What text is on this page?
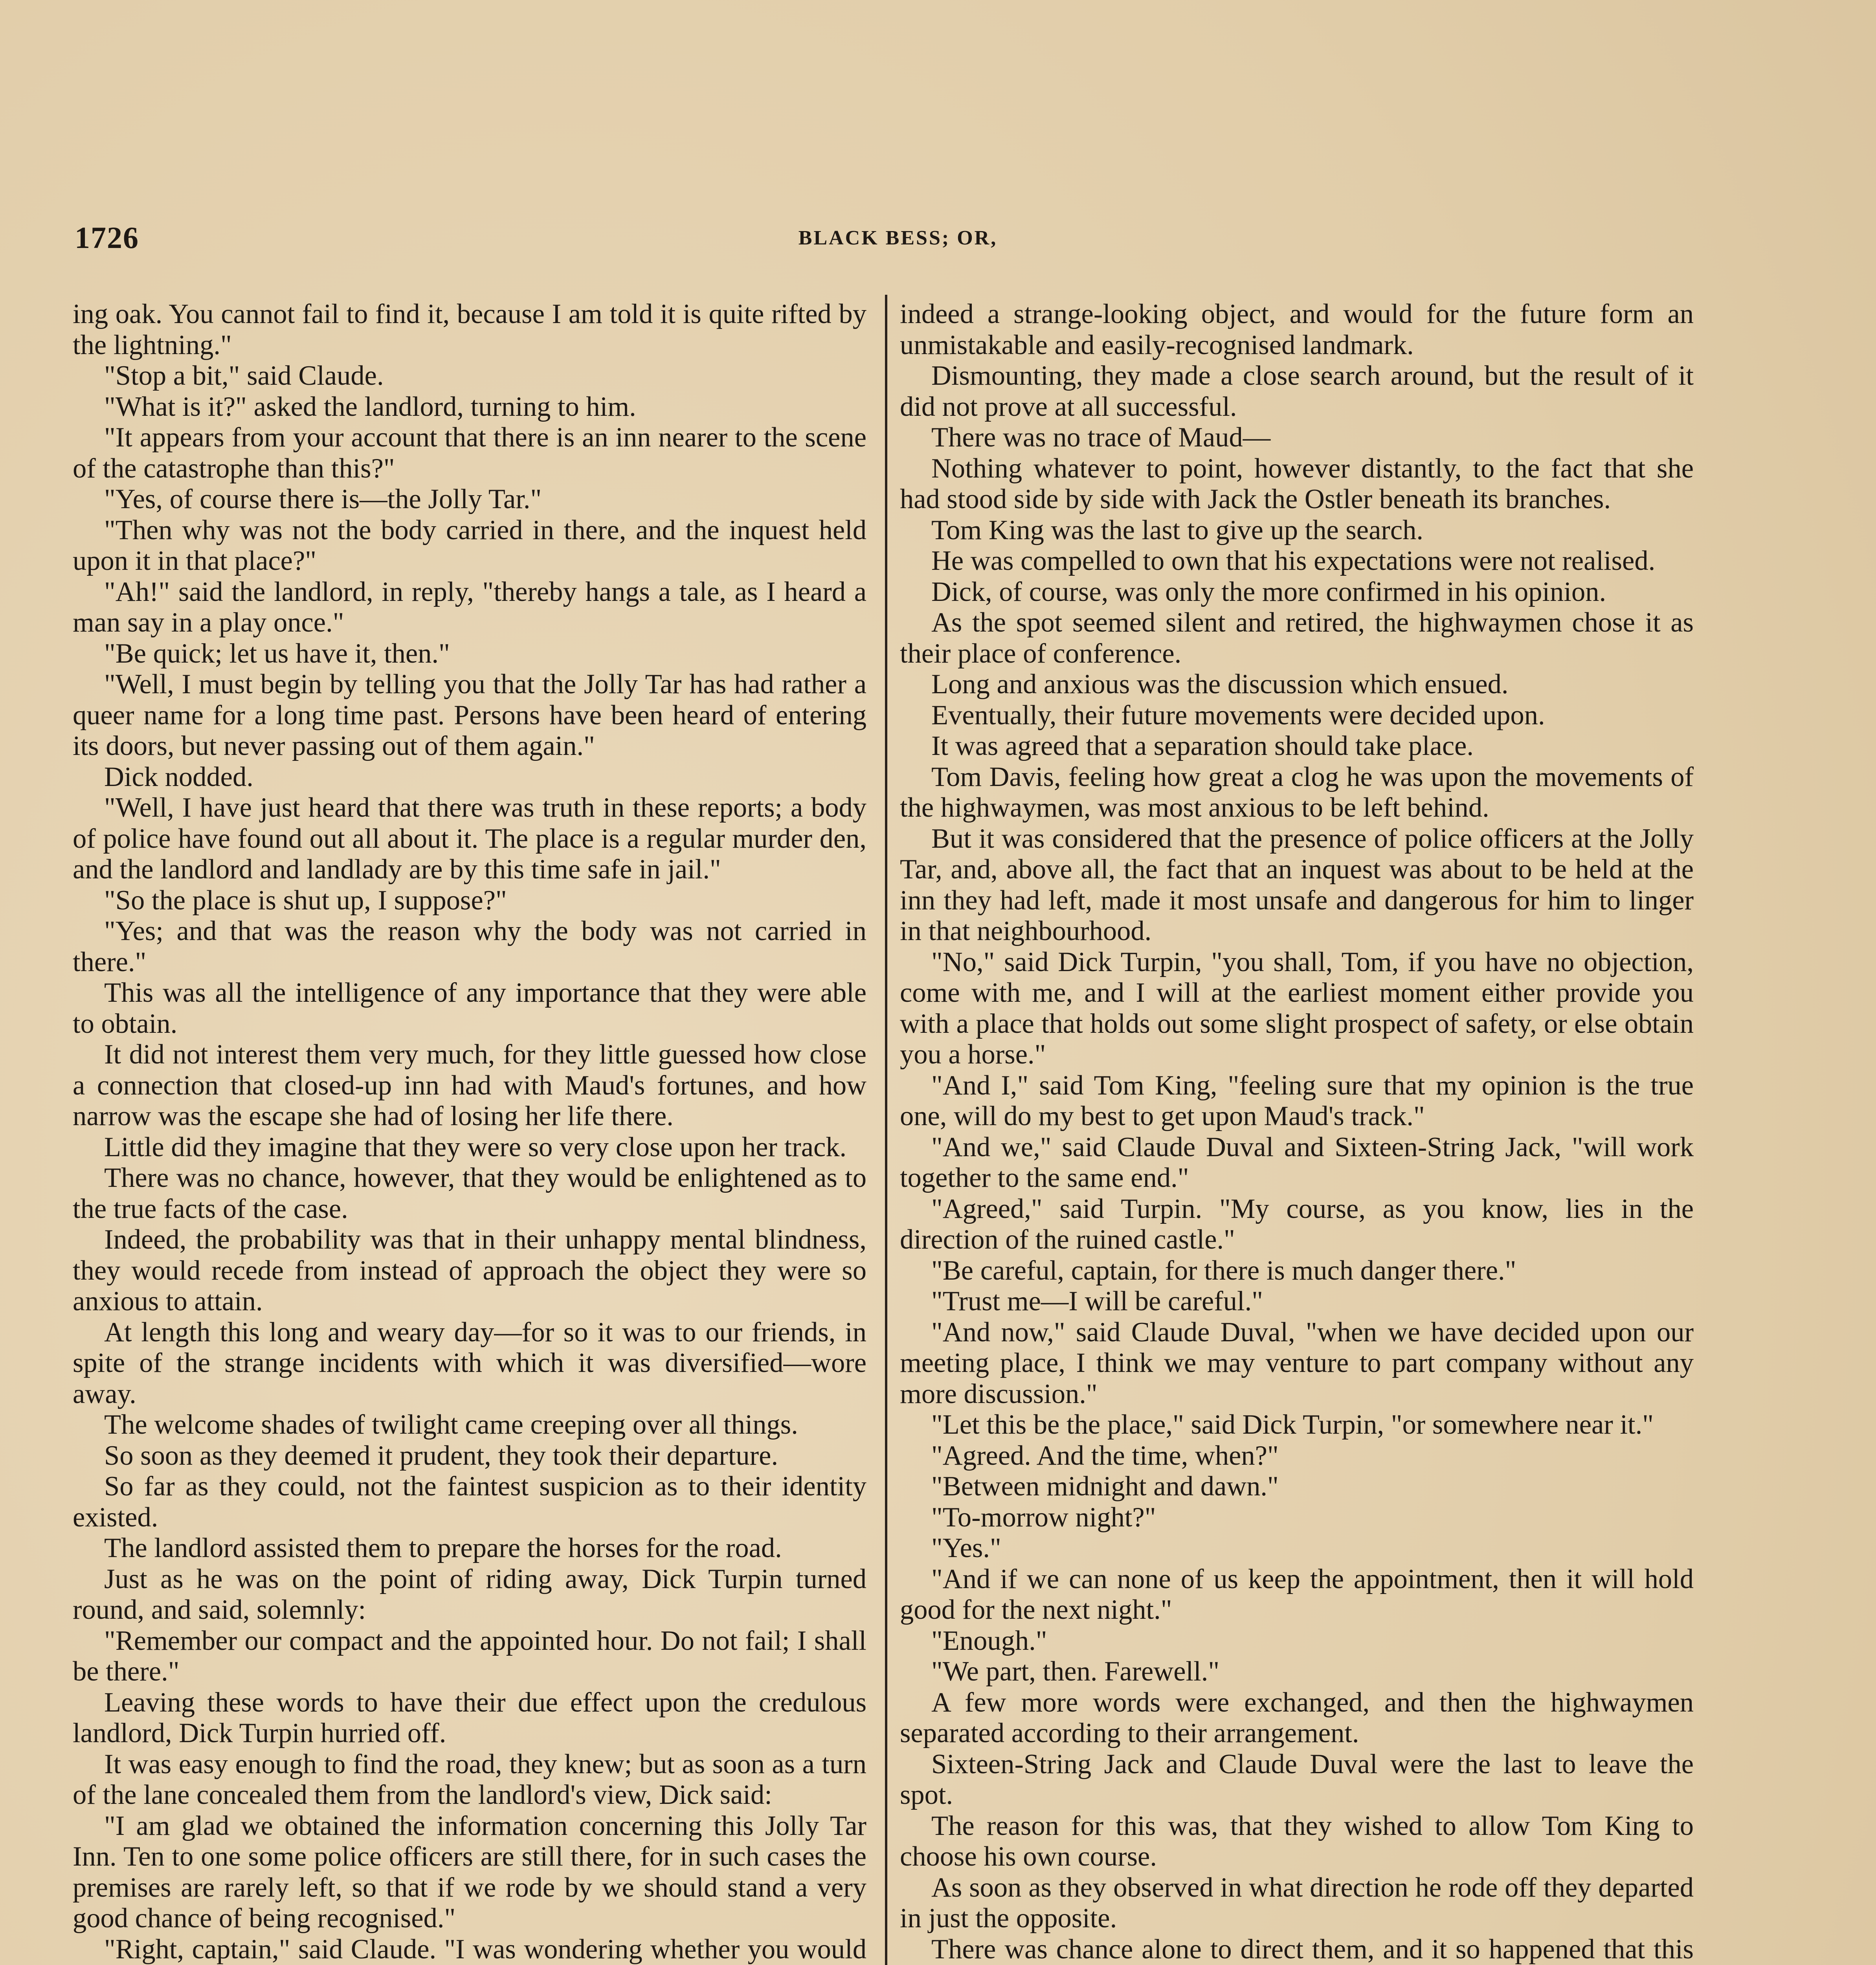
1726	BLACK BESS; OR,

ing oak. You cannot fail to find it, because I am told it is quite rifted by the lightning."

"Stop a bit," said Claude.

"What is it?" asked the landlord, turning to him.

"It appears from your account that there is an inn nearer to the scene of the catastrophe than this?"

"Yes, of course there is—the Jolly Tar."

"Then why was not the body carried in there, and the inquest held upon it in that place?"

"Ah!" said the landlord, in reply, "thereby hangs a tale, as I heard a man say in a play once."

"Be quick; let us have it, then."

"Well, I must begin by telling you that the Jolly Tar has had rather a queer name for a long time past. Persons have been heard of entering its doors, but never passing out of them again."

Dick nodded.

"Well, I have just heard that there was truth in these reports; a body of police have found out all about it. The place is a regular murder den, and the landlord and landlady are by this time safe in jail."

"So the place is shut up, I suppose?"

"Yes; and that was the reason why the body was not carried in there."

This was all the intelligence of any importance that they were able to obtain.

It did not interest them very much, for they little guessed how close a connection that closed-up inn had with Maud's fortunes, and how narrow was the escape she had of losing her life there.

Little did they imagine that they were so very close upon her track.

There was no chance, however, that they would be enlightened as to the true facts of the case.

Indeed, the probability was that in their unhappy mental blindness, they would recede from instead of approach the object they were so anxious to attain.

At length this long and weary day—for so it was to our friends, in spite of the strange incidents with which it was diversified—wore away.

The welcome shades of twilight came creeping over all things.

So soon as they deemed it prudent, they took their departure.

So far as they could, not the faintest suspicion as to their identity existed.

The landlord assisted them to prepare the horses for the road.

Just as he was on the point of riding away, Dick Turpin turned round, and said, solemnly:

"Remember our compact and the appointed hour. Do not fail; I shall be there."

Leaving these words to have their due effect upon the credulous landlord, Dick Turpin hurried off.

It was easy enough to find the road, they knew; but as soon as a turn of the lane concealed them from the landlord's view, Dick said:

"I am glad we obtained the information concerning this Jolly Tar Inn. Ten to one some police officers are still there, for in such cases the premises are rarely left, so that if we rode by we should stand a very good chance of being recognised."

"Right, captain," said Claude. "I was wondering whether you would

indeed a strange-looking object, and would for the future form an unmistakable and easily-recognised landmark.

Dismounting, they made a close search around, but the result of it did not prove at all successful.

There was no trace of Maud—

Nothing whatever to point, however distantly, to the fact that she had stood side by side with Jack the Ostler beneath its branches.

Tom King was the last to give up the search.

He was compelled to own that his expectations were not realised.

Dick, of course, was only the more confirmed in his opinion.

As the spot seemed silent and retired, the highwaymen chose it as their place of conference.

Long and anxious was the discussion which ensued.

Eventually, their future movements were decided upon.

It was agreed that a separation should take place.

Tom Davis, feeling how great a clog he was upon the movements of the highwaymen, was most anxious to be left behind.

But it was considered that the presence of police officers at the Jolly Tar, and, above all, the fact that an inquest was about to be held at the inn they had left, made it most unsafe and dangerous for him to linger in that neighbourhood.

"No," said Dick Turpin, "you shall, Tom, if you have no objection, come with me, and I will at the earliest moment either provide you with a place that holds out some slight prospect of safety, or else obtain you a horse."

"And I," said Tom King, "feeling sure that my opinion is the true one, will do my best to get upon Maud's track."

"And we," said Claude Duval and Sixteen-String Jack, "will work together to the same end."

"Agreed," said Turpin. "My course, as you know, lies in the direction of the ruined castle."

"Be careful, captain, for there is much danger there."

"Trust me—I will be careful."

"And now," said Claude Duval, "when we have decided upon our meeting place, I think we may venture to part company without any more discussion."

"Let this be the place," said Dick Turpin, "or somewhere near it."

"Agreed. And the time, when?"

"Between midnight and dawn."

"To-morrow night?"

"Yes."

"And if we can none of us keep the appointment, then it will hold good for the next night."

"Enough."

"We part, then. Farewell."

A few more words were exchanged, and then the highwaymen separated according to their arrangement.

Sixteen-String Jack and Claude Duval were the last to leave the spot.

The reason for this was, that they wished to allow Tom King to choose his own course.

As soon as they observed in what direction he rode off they departed in just the opposite.

There was chance alone to direct them, and it so happened that this
